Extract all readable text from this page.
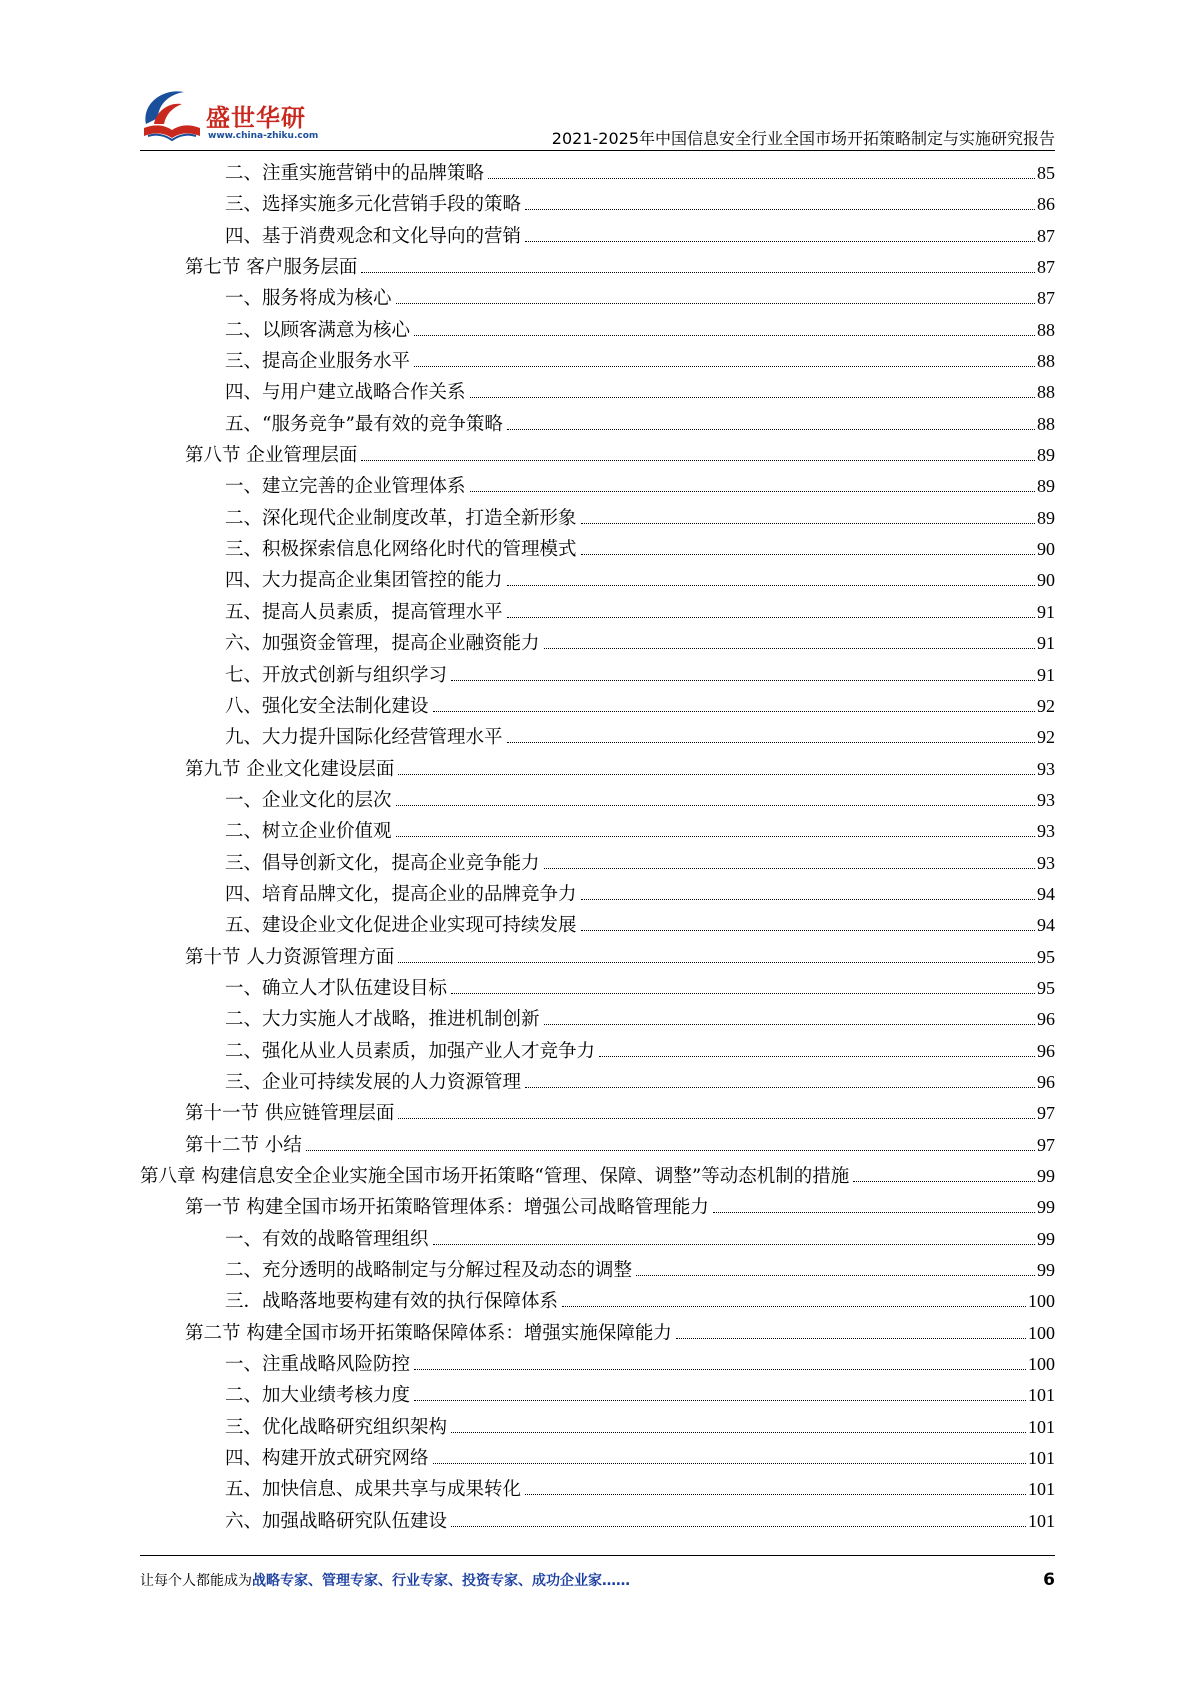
盛世华研
www.china-zhiku.com	2021-2025年中国信息安全行业全国市场开拓策略制定与实施研究报告
二、注重实施营销中的品牌策略	85
三、选择实施多元化营销手段的策略	86
四、基于消费观念和文化导向的营销	87
第七节 客户服务层面	87
一、服务将成为核心	87
二、以顾客满意为核心	88
三、提高企业服务水平	88
四、与用户建立战略合作关系	88
五、“服务竞争”最有效的竞争策略	88
第八节 企业管理层面	89
一、建立完善的企业管理体系	89
二、深化现代企业制度改革，打造全新形象	89
三、积极探索信息化网络化时代的管理模式	90
四、大力提高企业集团管控的能力	90
五、提高人员素质，提高管理水平	91
六、加强资金管理，提高企业融资能力	91
七、开放式创新与组织学习	91
八、强化安全法制化建设	92
九、大力提升国际化经营管理水平	92
第九节 企业文化建设层面	93
一、企业文化的层次	93
二、树立企业价值观	93
三、倡导创新文化，提高企业竞争能力	93
四、培育品牌文化，提高企业的品牌竞争力	94
五、建设企业文化促进企业实现可持续发展	94
第十节 人力资源管理方面	95
一、确立人才队伍建设目标	95
二、大力实施人才战略，推进机制创新	96
二、强化从业人员素质，加强产业人才竞争力	96
三、企业可持续发展的人力资源管理	96
第十一节 供应链管理层面	97
第十二节 小结	97
第八章 构建信息安全企业实施全国市场开拓策略“管理、保障、调整”等动态机制的措施	99
第一节 构建全国市场开拓策略管理体系：增强公司战略管理能力	99
一、有效的战略管理组织	99
二、充分透明的战略制定与分解过程及动态的调整	99
三．战略落地要构建有效的执行保障体系	100
第二节 构建全国市场开拓策略保障体系：增强实施保障能力	100
一、注重战略风险防控	100
二、加大业绩考核力度	101
三、优化战略研究组织架构	101
四、构建开放式研究网络	101
五、加快信息、成果共享与成果转化	101
六、加强战略研究队伍建设	101
让每个人都能成为战略专家、管理专家、行业专家、投资专家、成功企业家……	6
